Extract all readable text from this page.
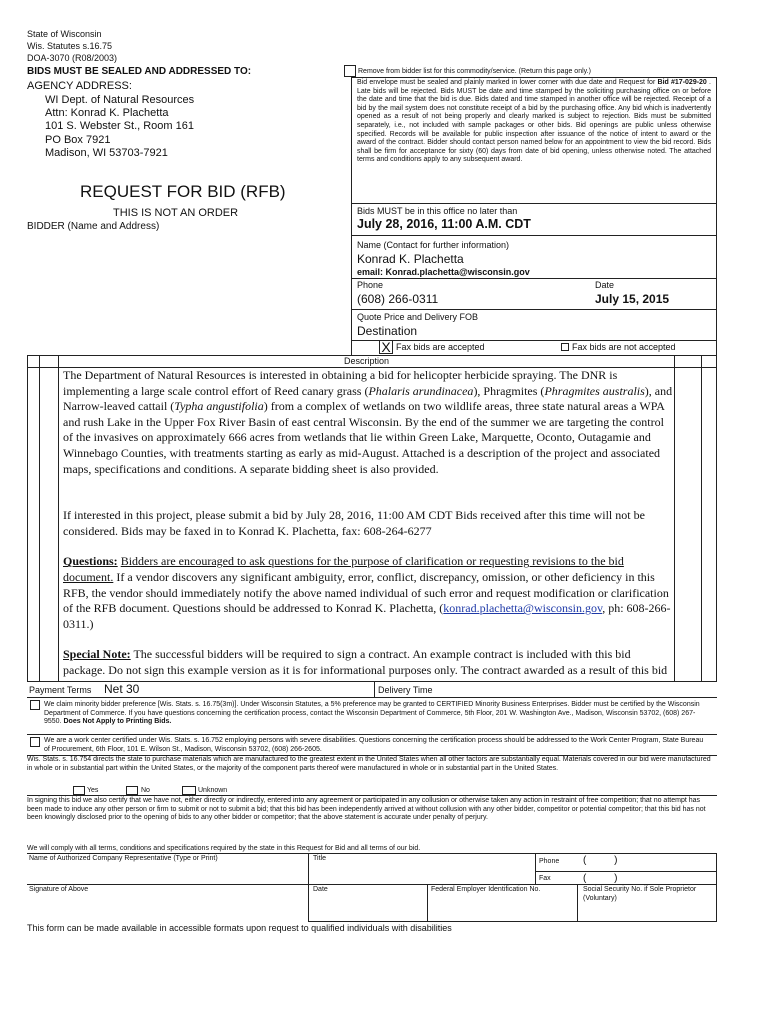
State of Wisconsin
Wis. Statutes s.16.75
DOA-3070 (R08/2003)
BIDS MUST BE SEALED AND ADDRESSED TO:
AGENCY ADDRESS:
WI Dept. of Natural Resources
Attn: Konrad K. Plachetta
101 S. Webster St., Room 161
PO Box 7921
Madison, WI 53703-7921
REQUEST FOR BID (RFB)
THIS IS NOT AN ORDER
BIDDER (Name and Address)
Remove from bidder list for this commodity/service. (Return this page only.)
Bid envelope must be sealed and plainly marked in lower corner with due date and Request for Bid #17-029-20 . Late bids will be rejected. Bids MUST be date and time stamped by the soliciting purchasing office on or before the date and time that the bid is due. Bids dated and time stamped in another office will be rejected. Receipt of a bid by the mail system does not constitute receipt of a bid by the purchasing office. Any bid which is inadvertently opened as a result of not being properly and clearly marked is subject to rejection. Bids must be submitted separately, i.e., not included with sample packages or other bids. Bid openings are public unless otherwise specified. Records will be available for public inspection after issuance of the notice of intent to award or the award of the contract. Bidder should contact person named below for an appointment to view the bid record. Bids shall be firm for acceptance for sixty (60) days from date of bid opening, unless otherwise noted. The attached terms and conditions apply to any subsequent award.
Bids MUST be in this office no later than
July 28, 2016, 11:00 A.M. CDT
Name (Contact for further information)
Konrad K. Plachetta
email: Konrad.plachetta@wisconsin.gov
Phone	Date
(608) 266-0311	July 15, 2015
Quote Price and Delivery FOB
Destination
X Fax bids are accepted	Fax bids are not accepted
Description

The Department of Natural Resources is interested in obtaining a bid for helicopter herbicide spraying. The DNR is implementing a large scale control effort of Reed canary grass (Phalaris arundinacea), Phragmites (Phragmites australis), and Narrow-leaved cattail (Typha angustifolia) from a complex of wetlands on two wildlife areas, three state natural areas a WPA and rush Lake in the Upper Fox River Basin of east central Wisconsin. By the end of the summer we are targeting the control of the invasives on approximately 666 acres from wetlands that lie within Green Lake, Marquette, Oconto, Outagamie and Winnebago Counties, with treatments starting as early as mid-August. Attached is a description of the project and associated maps, specifications and conditions. A separate bidding sheet is also provided.

If interested in this project, please submit a bid by July 28, 2016, 11:00 AM CDT Bids received after this time will not be considered. Bids may be faxed in to Konrad K. Plachetta, fax: 608-264-6277

Questions: Bidders are encouraged to ask questions for the purpose of clarification or requesting revisions to the bid document. If a vendor discovers any significant ambiguity, error, conflict, discrepancy, omission, or other deficiency in this RFB, the vendor should immediately notify the above named individual of such error and request modification or clarification of the RFB document. Questions should be addressed to Konrad K. Plachetta, (konrad.plachetta@wisconsin.gov, ph: 608-266-0311.)

Special Note: The successful bidders will be required to sign a contract. An example contract is included with this bid package. Do not sign this example version as it is for informational purposes only. The contract awarded as a result of this bid

Payment Terms Net 30	Delivery Time
We claim minority bidder preference [Wis. Stats. s. 16.75(3m)]. Under Wisconsin Statutes, a 5% preference may be granted to CERTIFIED Minority Business Enterprises. Bidder must be certified by the Wisconsin Department of Commerce. If you have questions concerning the certification process, contact the Wisconsin Department of Commerce, 5th Floor, 201 W. Washington Ave., Madison, Wisconsin 53702, (608) 267-9550. Does Not Apply to Printing Bids.
We are a work center certified under Wis. Stats. s. 16.752 employing persons with severe disabilities. Questions concerning the certification process should be addressed to the Work Center Program, State Bureau of Procurement, 6th Floor, 101 E. Wilson St., Madison, Wisconsin 53702, (608) 266-2605.
Wis. Stats. s. 16.754 directs the state to purchase materials which are manufactured to the greatest extent in the United States when all other factors are substantially equal. Materials covered in our bid were manufactured in whole or in substantial part within the United States, or the majority of the component parts thereof were manufactured in whole or in substantial part in the United States.
Yes	No	Unknown
In signing this bid we also certify that we have not, either directly or indirectly, entered into any agreement or participated in any collusion or otherwise taken any action in restraint of free competition; that no attempt has been made to induce any other person or firm to submit or not to submit a bid; that this bid has been independently arrived at without collusion with any other bidder, competitor or potential competitor; that this bid has not been knowingly disclosed prior to the opening of bids to any other bidder or competitor; that the above statement is accurate under penalty of perjury.
We will comply with all terms, conditions and specifications required by the state in this Request for Bid and all terms of our bid.
Name of Authorized Company Representative (Type or Print)	Title	Phone (          )
Fax	(          )
Signature of Above	Date	Federal Employer Identification No.	Social Security No. if Sole Proprietor (Voluntary)
This form can be made available in accessible formats upon request to qualified individuals with disabilities
